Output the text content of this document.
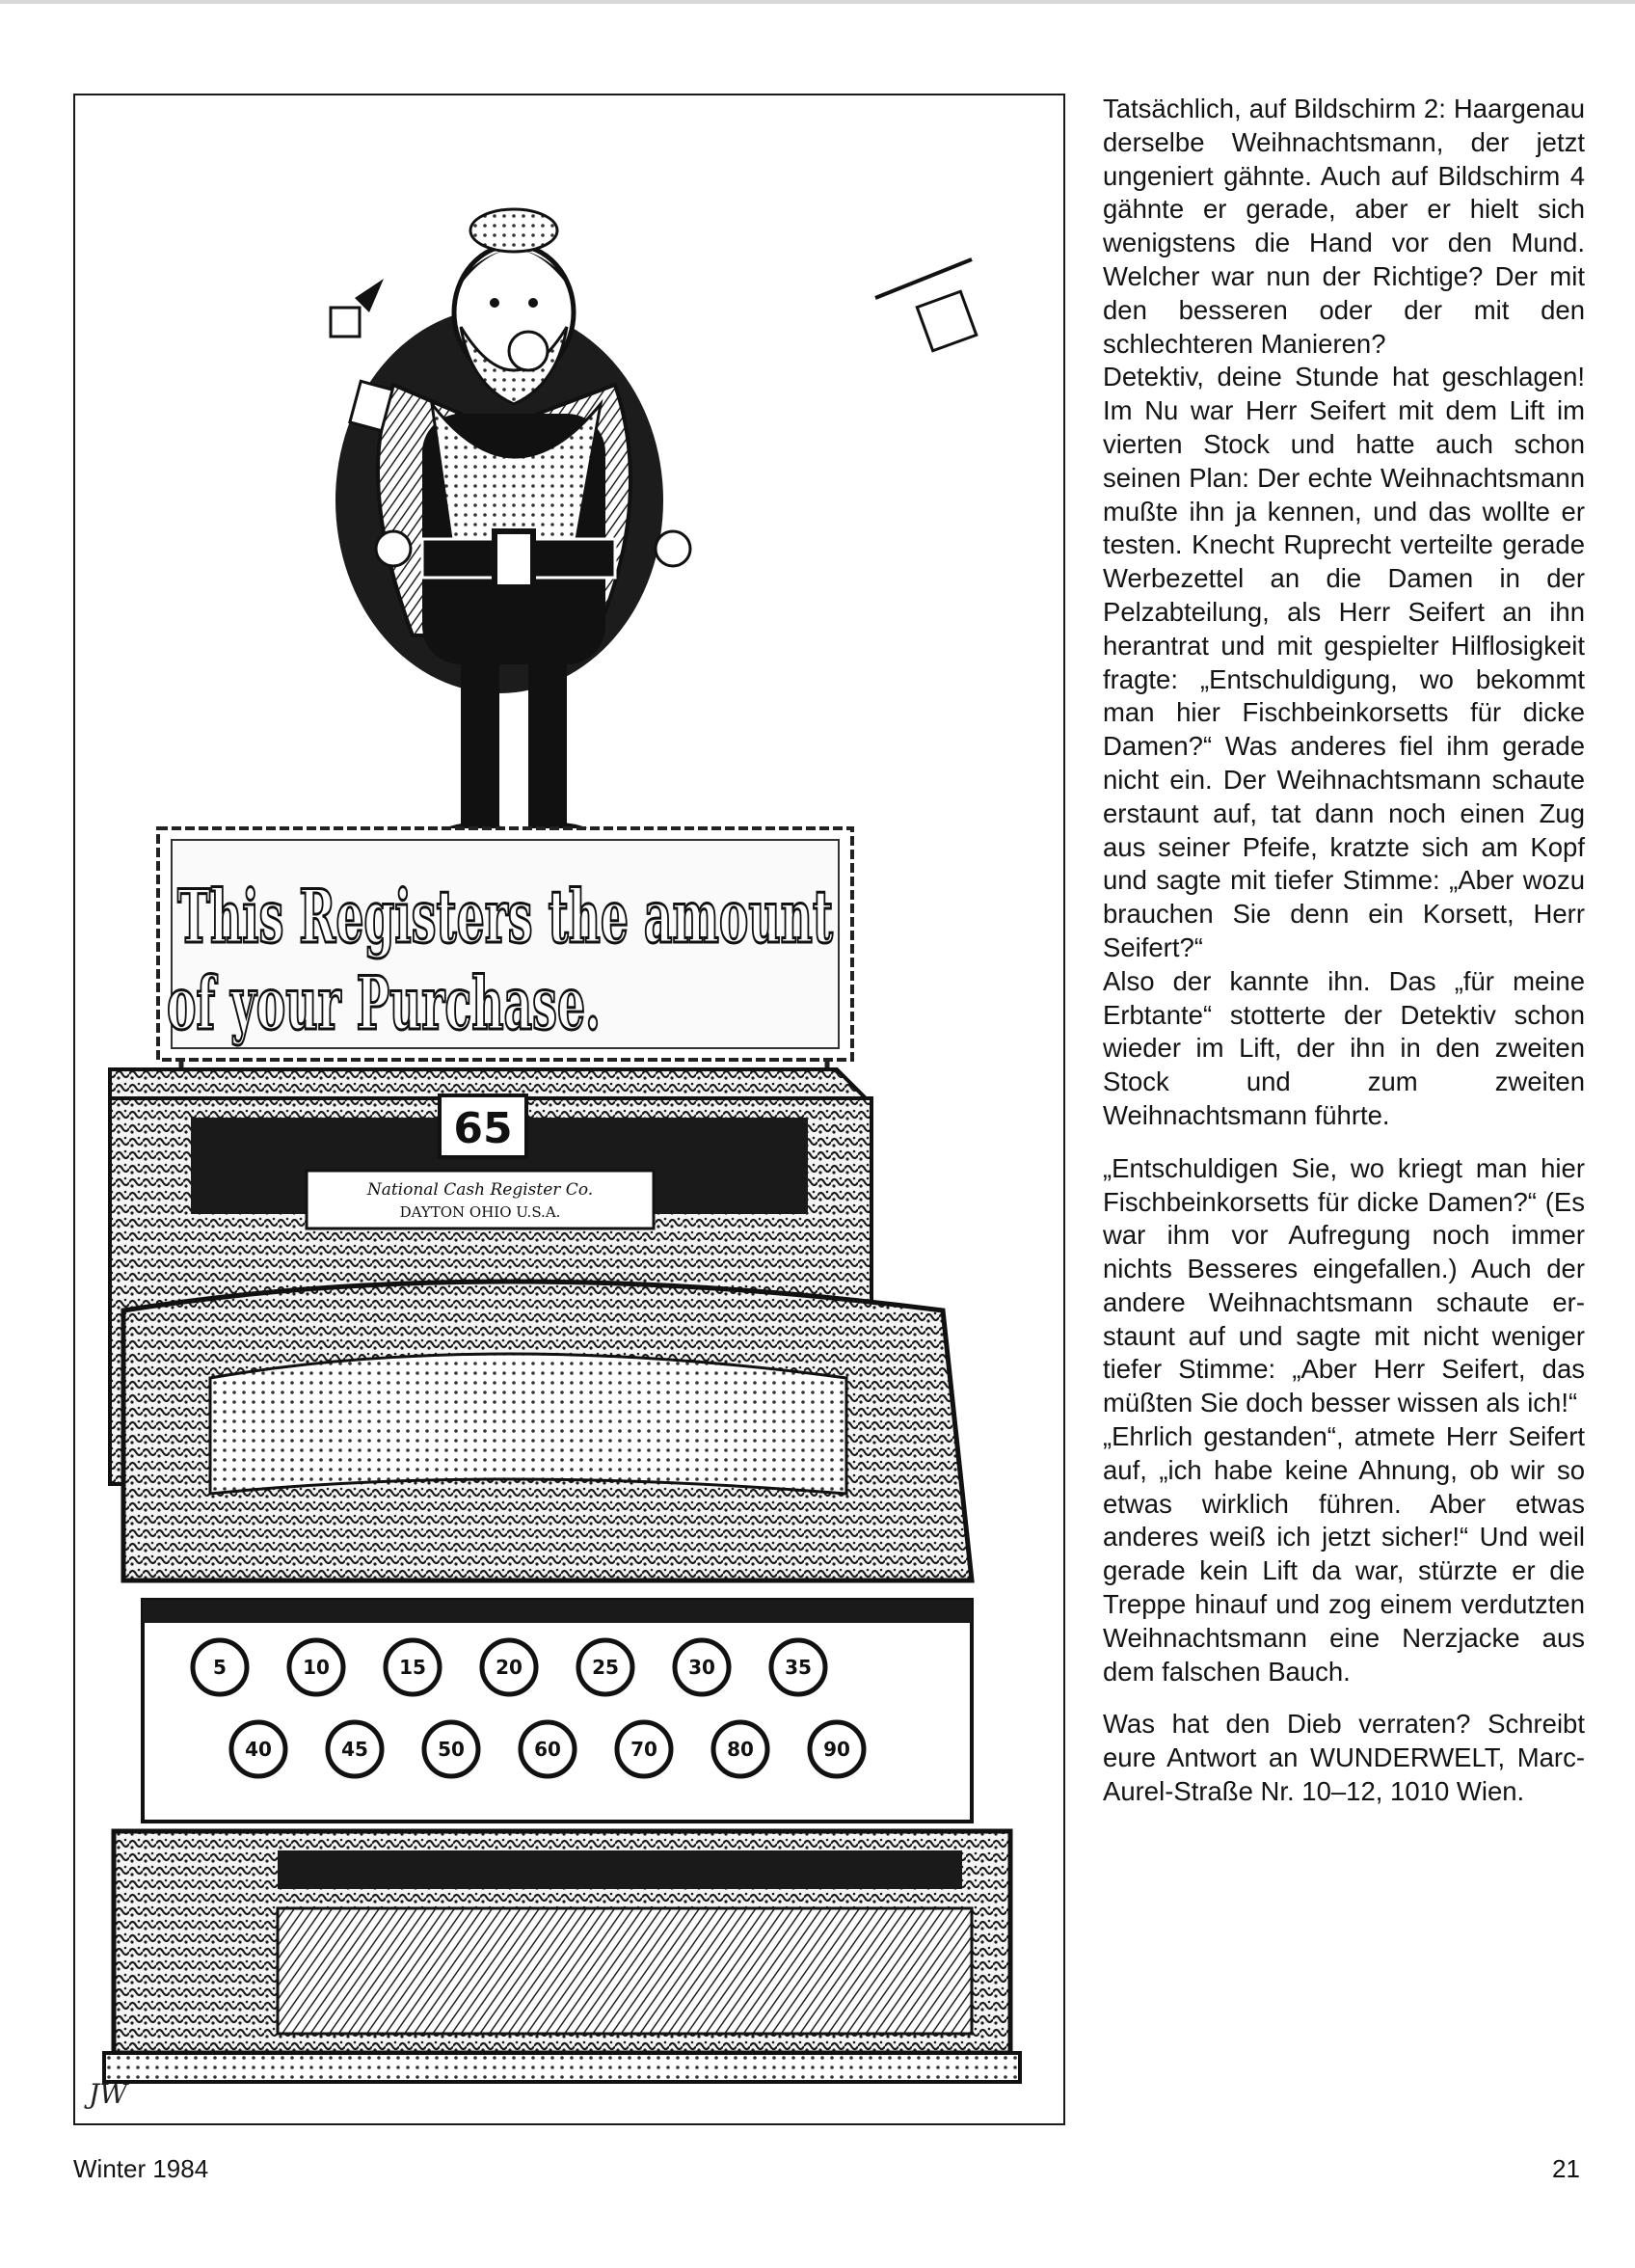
This Registers the amount
of your Purchase.
65
National Cash Register Co.
DAYTON OHIO U.S.A.
5	10	15	20	25	30	35
40	45	50	60	70	80	90
JW

Tatsächlich, auf Bildschirm 2: Haargenau derselbe Weihnachtsmann, der jetzt ungeniert gähnte. Auch auf Bildschirm 4 gähnte er gerade, aber er hielt sich wenigstens die Hand vor den Mund. Welcher war nun der Richtige? Der mit den besseren oder der mit den schlechteren Manieren?

Detektiv, deine Stunde hat geschlagen! Im Nu war Herr Seifert mit dem Lift im vierten Stock und hatte auch schon seinen Plan: Der echte Weihnachtsmann mußte ihn ja kennen, und das wollte er testen. Knecht Ruprecht verteilte gerade Werbezettel an die Damen in der Pelzabteilung, als Herr Seifert an ihn herantrat und mit gespielter Hilflosigkeit fragte: „Entschuldigung, wo bekommt man hier Fischbeinkorsetts für dicke Damen?“ Was anderes fiel ihm gerade nicht ein. Der Weihnachtsmann schaute erstaunt auf, tat dann noch einen Zug aus seiner Pfeife, kratzte sich am Kopf und sagte mit tiefer Stimme: „Aber wozu brauchen Sie denn ein Korsett, Herr Seifert?“

Also der kannte ihn. Das „für meine Erbtante“ stotterte der Detektiv schon wieder im Lift, der ihn in den zweiten Stock und zum zweiten Weihnachtsmann führte.

„Entschuldigen Sie, wo kriegt man hier Fischbeinkorsetts für dicke Damen?“ (Es war ihm vor Aufregung noch immer nichts Besseres eingefallen.) Auch der andere Weihnachtsmann schaute erstaunt auf und sagte mit nicht weniger tiefer Stimme: „Aber Herr Seifert, das müßten Sie doch besser wissen als ich!“

„Ehrlich gestanden“, atmete Herr Seifert auf, „ich habe keine Ahnung, ob wir so etwas wirklich führen. Aber etwas anderes weiß ich jetzt sicher!“ Und weil gerade kein Lift da war, stürzte er die Treppe hinauf und zog einem verdutzten Weihnachtsmann eine Nerzjacke aus dem falschen Bauch.

Was hat den Dieb verraten? Schreibt eure Antwort an WUNDERWELT, Marc-Aurel-Straße Nr. 10–12, 1010 Wien.

Winter 1984	21
